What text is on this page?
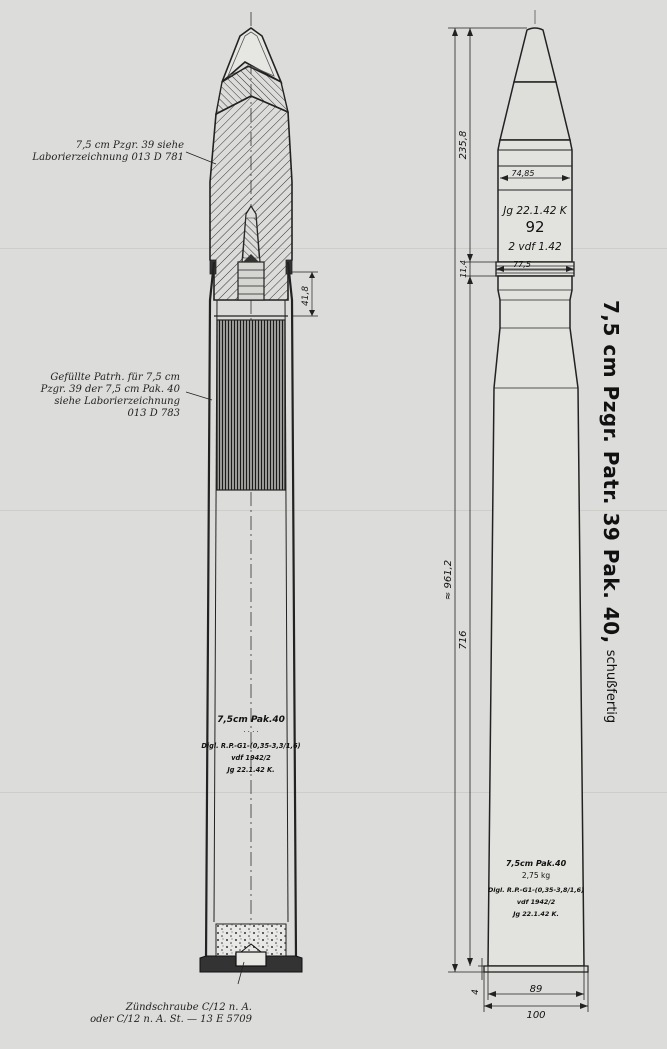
41,8
7,5cm Pak.40
· · · ·
Digl. R.P.-G1-(0,35-3,3/1,6)
vdf 1942/2
Jg 22.1.42 K.
Jg 22.1.42 K
92
2 vdf 1.42
7,5cm Pak.40
2,75 kg
Digl. R.P.-G1-(0,35-3,8/1,6)
vdf 1942/2
Jg 22.1.42 K.
≈ 961,2
235,8
11,4
716
4
74,85
77,5
89
100
7,5 cm Pzgr. 39 siehe
Laborierzeichnung 013 D 781
Gefüllte Patrh. für 7,5 cm
Pzgr. 39 der 7,5 cm Pak. 40
siehe Laborierzeichnung
013 D 783
Zündschraube C/12 n. A.
oder C/12 n. A. St. — 13 E 5709
7,5 cm Pzgr. Patr. 39 Pak. 40,
schußfertig
